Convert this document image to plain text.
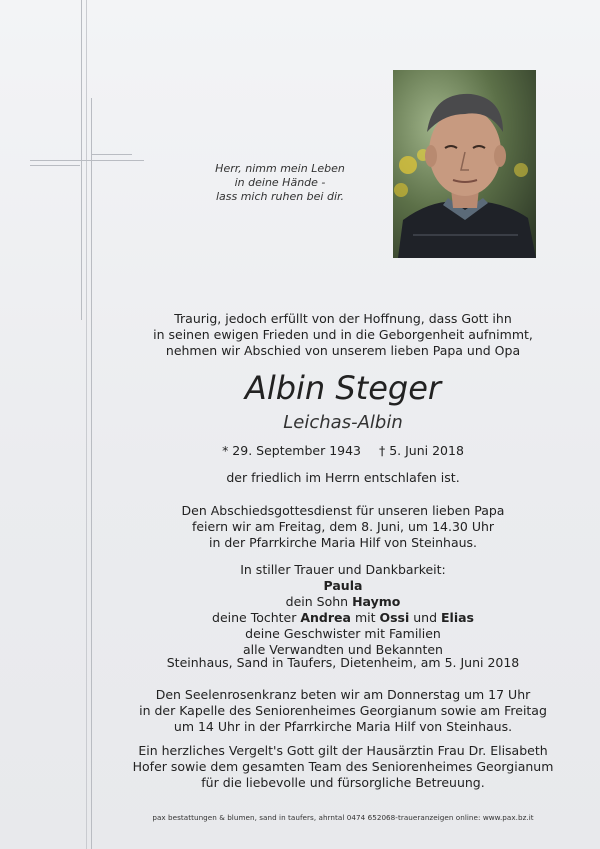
Herr, nimm mein Leben
in deine Hände -
lass mich ruhen bei dir.
Traurig, jedoch erfüllt von der Hoffnung, dass Gott ihn
in seinen ewigen Frieden und in die Geborgenheit aufnimmt,
nehmen wir Abschied von unserem lieben Papa und Opa
Albin Steger
Leichas-Albin
* 29. September 1943 † 5. Juni 2018
der friedlich im Herrn entschlafen ist.
Den Abschiedsgottesdienst für unseren lieben Papa
feiern wir am Freitag, dem 8. Juni, um 14.30 Uhr
in der Pfarrkirche Maria Hilf von Steinhaus.
In stiller Trauer und Dankbarkeit:
Paula
dein Sohn Haymo
deine Tochter Andrea mit Ossi und Elias
deine Geschwister mit Familien
alle Verwandten und Bekannten
Steinhaus, Sand in Taufers, Dietenheim, am 5. Juni 2018
Den Seelenrosenkranz beten wir am Donnerstag um 17 Uhr
in der Kapelle des Seniorenheimes Georgianum sowie am Freitag
um 14 Uhr in der Pfarrkirche Maria Hilf von Steinhaus.
Ein herzliches Vergelt's Gott gilt der Hausärztin Frau Dr. Elisabeth
Hofer sowie dem gesamten Team des Seniorenheimes Georgianum
für die liebevolle und fürsorgliche Betreuung.
pax bestattungen & blumen, sand in taufers, ahrntal 0474 652068-traueranzeigen online: www.pax.bz.it
